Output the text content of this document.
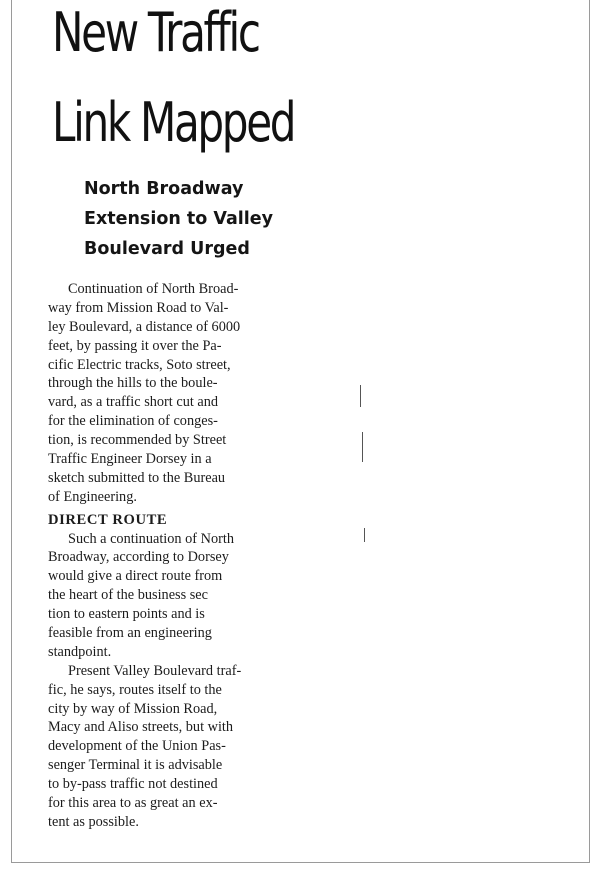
New Traffic
Link Mapped
North Broadway
Extension to Valley
Boulevard Urged
Continuation of North Broad-
way from Mission Road to Val-
ley Boulevard, a distance of 6000
feet, by passing it over the Pa-
cific Electric tracks, Soto street,
through the hills to the boule-
vard, as a traffic short cut and
for the elimination of conges-
tion, is recommended by Street
Traffic Engineer Dorsey in a
sketch submitted to the Bureau
of Engineering.
DIRECT ROUTE
Such a continuation of North
Broadway, according to Dorsey
would give a direct route from
the heart of the business sec
tion to eastern points and is
feasible from an engineering
standpoint.
Present Valley Boulevard traf-
fic, he says, routes itself to the
city by way of Mission Road,
Macy and Aliso streets, but with
development of the Union Pas-
senger Terminal it is advisable
to by-pass traffic not destined
for this area to as great an ex-
tent as possible.
